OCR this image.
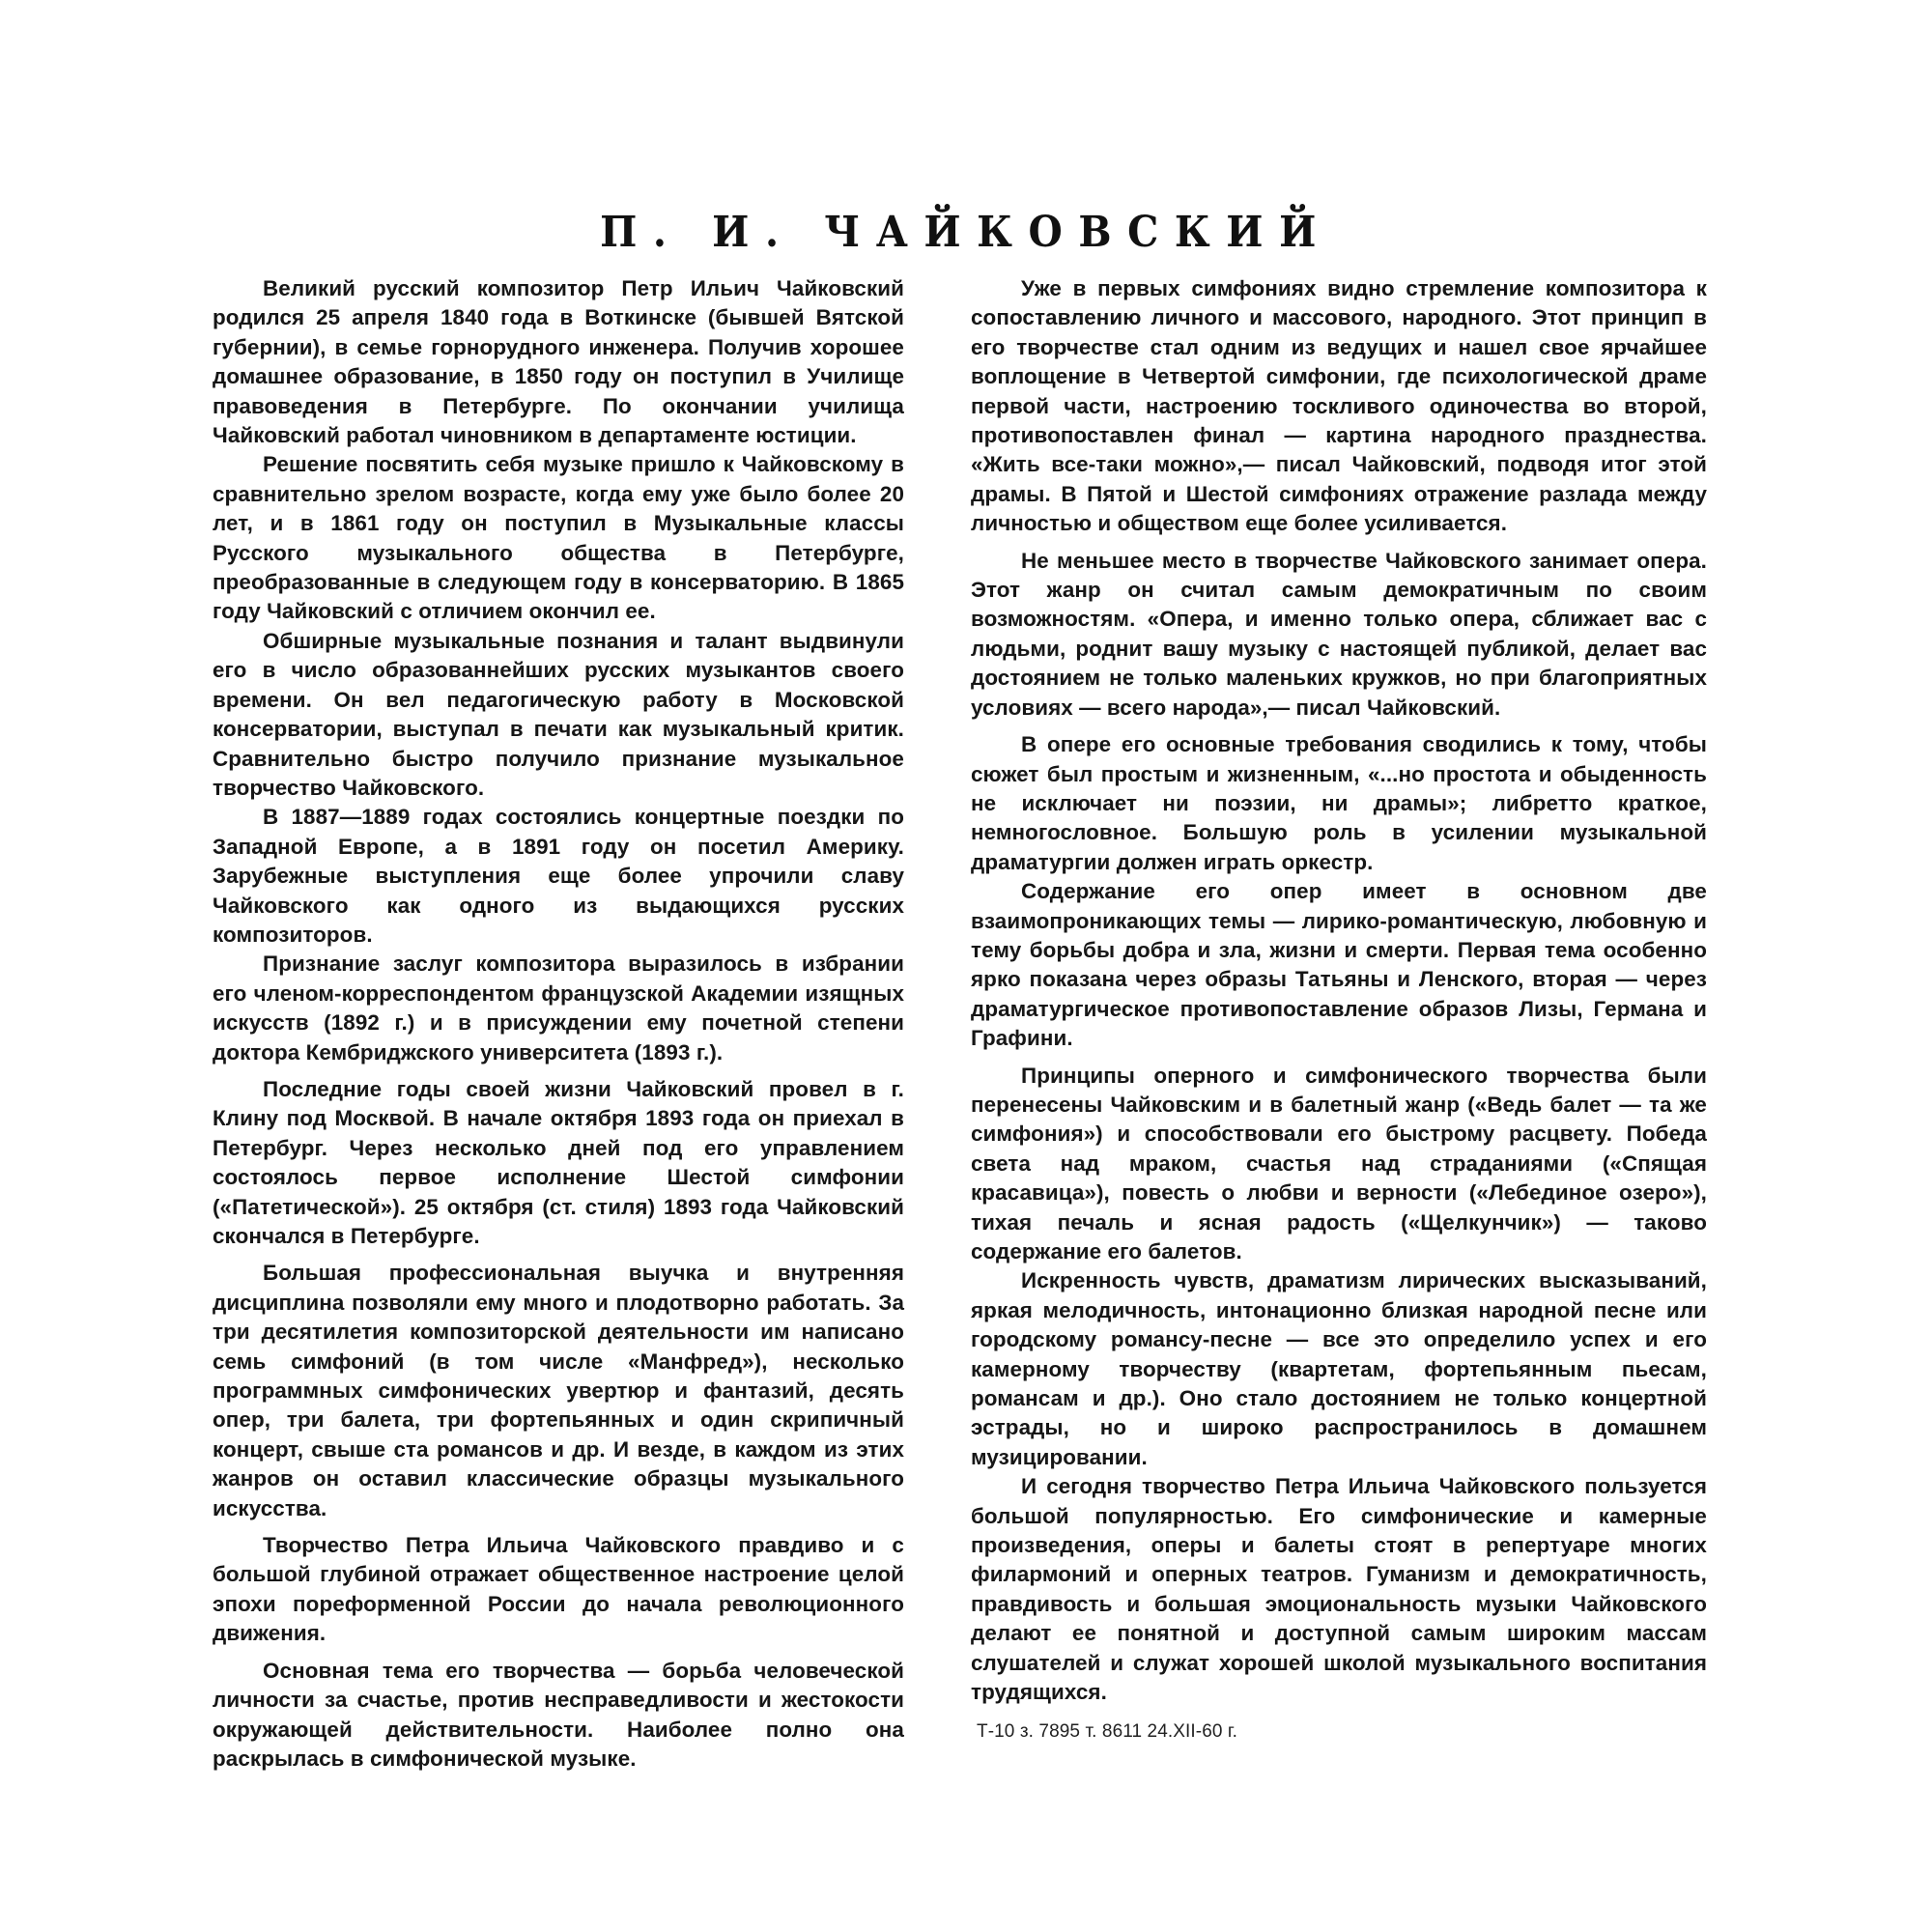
П. И. ЧАЙКОВСКИЙ

Великий русский композитор Петр Ильич Чайковский родился 25 апреля 1840 года в Воткинске (бывшей Вятской губернии), в семье горнорудного инженера. Получив хорошее домашнее образование, в 1850 году он поступил в Училище правоведения в Петербурге. По окончании училища Чайковский работал чиновником в департаменте юстиции.

Решение посвятить себя музыке пришло к Чайковскому в сравнительно зрелом возрасте, когда ему уже было более 20 лет, и в 1861 году он поступил в Музыкальные классы Русского музыкального общества в Петербурге, преобразованные в следующем году в консерваторию. В 1865 году Чайковский с отличием окончил ее.

Обширные музыкальные познания и талант выдвинули его в число образованнейших русских музыкантов своего времени. Он вел педагогическую работу в Московской консерватории, выступал в печати как музыкальный критик. Сравнительно быстро получило признание музыкальное творчество Чайковского.

В 1887—1889 годах состоялись концертные поездки по Западной Европе, а в 1891 году он посетил Америку. Зарубежные выступления еще более упрочили славу Чайковского как одного из выдающихся русских композиторов.

Признание заслуг композитора выразилось в избрании его членом-корреспондентом французской Академии изящных искусств (1892 г.) и в присуждении ему почетной степени доктора Кембриджского университета (1893 г.).

Последние годы своей жизни Чайковский провел в г. Клину под Москвой. В начале октября 1893 года он приехал в Петербург. Через несколько дней под его управлением состоялось первое исполнение Шестой симфонии («Патетической»). 25 октября (ст. стиля) 1893 года Чайковский скончался в Петербурге.

Большая профессиональная выучка и внутренняя дисциплина позволяли ему много и плодотворно работать. За три десятилетия композиторской деятельности им написано семь симфоний (в том числе «Манфред»), несколько программных симфонических увертюр и фантазий, десять опер, три балета, три фортепьянных и один скрипичный концерт, свыше ста романсов и др. И везде, в каждом из этих жанров он оставил классические образцы музыкального искусства.

Творчество Петра Ильича Чайковского правдиво и с большой глубиной отражает общественное настроение целой эпохи пореформенной России до начала революционного движения.

Основная тема его творчества — борьба человеческой личности за счастье, против несправедливости и жестокости окружающей действительности. Наиболее полно она раскрылась в симфонической музыке.

Уже в первых симфониях видно стремление композитора к сопоставлению личного и массового, народного. Этот принцип в его творчестве стал одним из ведущих и нашел свое ярчайшее воплощение в Четвертой симфонии, где психологической драме первой части, настроению тоскливого одиночества во второй, противопоставлен финал — картина народного празднества. «Жить все-таки можно»,— писал Чайковский, подводя итог этой драмы. В Пятой и Шестой симфониях отражение разлада между личностью и обществом еще более усиливается.

Не меньшее место в творчестве Чайковского занимает опера. Этот жанр он считал самым демократичным по своим возможностям. «Опера, и именно только опера, сближает вас с людьми, роднит вашу музыку с настоящей публикой, делает вас достоянием не только маленьких кружков, но при благоприятных условиях — всего народа»,— писал Чайковский.

В опере его основные требования сводились к тому, чтобы сюжет был простым и жизненным, «...но простота и обыденность не исключает ни поэзии, ни драмы»; либретто краткое, немногословное. Большую роль в усилении музыкальной драматургии должен играть оркестр.

Содержание его опер имеет в основном две взаимопроникающих темы — лирико-романтическую, любовную и тему борьбы добра и зла, жизни и смерти. Первая тема особенно ярко показана через образы Татьяны и Ленского, вторая — через драматургическое противопоставление образов Лизы, Германа и Графини.

Принципы оперного и симфонического творчества были перенесены Чайковским и в балетный жанр («Ведь балет — та же симфония») и способствовали его быстрому расцвету. Победа света над мраком, счастья над страданиями («Спящая красавица»), повесть о любви и верности («Лебединое озеро»), тихая печаль и ясная радость («Щелкунчик») — таково содержание его балетов.

Искренность чувств, драматизм лирических высказываний, яркая мелодичность, интонационно близкая народной песне или городскому романсу-песне — все это определило успех и его камерному творчеству (квартетам, фортепьянным пьесам, романсам и др.). Оно стало достоянием не только концертной эстрады, но и широко распространилось в домашнем музицировании.

И сегодня творчество Петра Ильича Чайковского пользуется большой популярностью. Его симфонические и камерные произведения, оперы и балеты стоят в репертуаре многих филармоний и оперных театров. Гуманизм и демократичность, правдивость и большая эмоциональность музыки Чайковского делают ее понятной и доступной самым широким массам слушателей и служат хорошей школой музыкального воспитания трудящихся.

Т-10 з. 7895 т. 8611 24.XII-60 г.
